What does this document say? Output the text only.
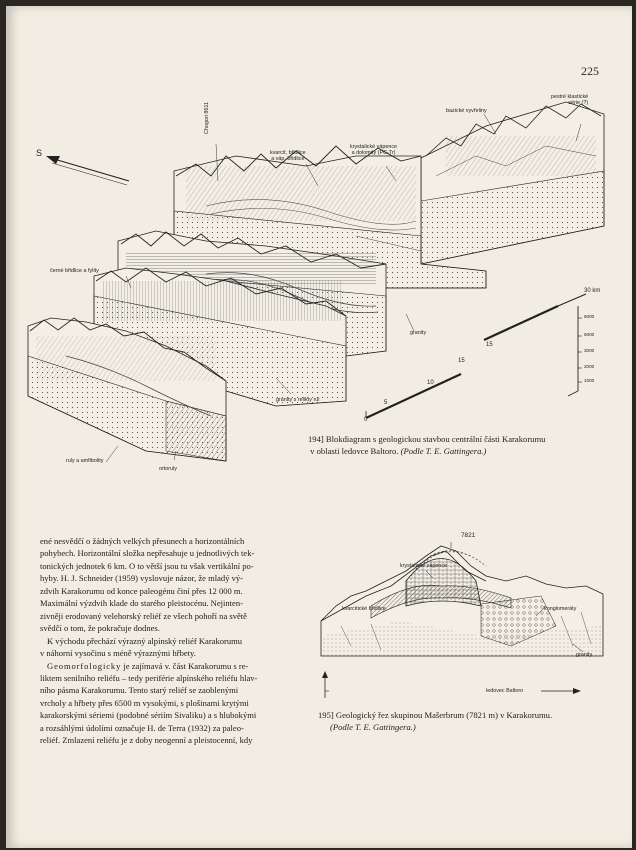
225
Chogori 8611
kvarcit, břidlice
a váp. břidlice
krystalické vápence
a dolomity (PC-Tr)
bazické vyvřeliny
pestré klastické
série (?)
černé břidlice a fylity
granity
granity s relikty rul
ruly a amfibolity
ortoruly
S
0
5
10
15
15
30 km
6000
5000
3000
2000
1000
194] Blokdiagram s geologickou stavbou centrální části Karakorumu
v oblasti ledovce Baltoro. (Podle T. E. Gattingera.)

ené nesvědčí o žádných velkých přesunech a horizontálních

pohybech. Horizontální složka nepřesahuje u jednotlivých tek-

tonických jednotek 6 km. O to větší jsou tu však vertikální po-

hyby. H. J. Schneider (1959) vyslovuje názor, že mladý vý-

zdvih Karakorumu od konce paleogénu činí přes 12 000 m.

Maximální výzdvih klade do starého pleistocénu. Nejinten-

zivněji erodovaný velehorský reliéf ze všech pohoří na světě

svědčí o tom, že pokračuje dodnes.

K východu přechází výrazný alpínský reliéf Karakorumu

v náhorní vysočinu s méně výraznými hřbety.

Geomorfologicky je zajímavá v. část Karakorumu s re-

liktem senilního reliéfu – tedy periférie alpínského reliéfu hlav-

ního pásma Karakorumu. Tento starý reliéf se zaoblenými

vrcholy a hřbety přes 6500 m vysokými, s plošinami krytými

karakorskými sériemi (podobné sériím Sivaliku) a s hlubokými

a rozsáhlými údolími označuje H. de Terra (1932) za paleo-

reliéf. Zmlazení reliéfu je z doby neogenní a pleistocenní, kdy

7821
krystalické vápence
kvarcitické břidlice	konglomeráty
granity
ledovec Baltoro
195] Geologický řez skupinou Mašerbrum (7821 m) v Karakorumu.
(Podle T. E. Gattingera.)
